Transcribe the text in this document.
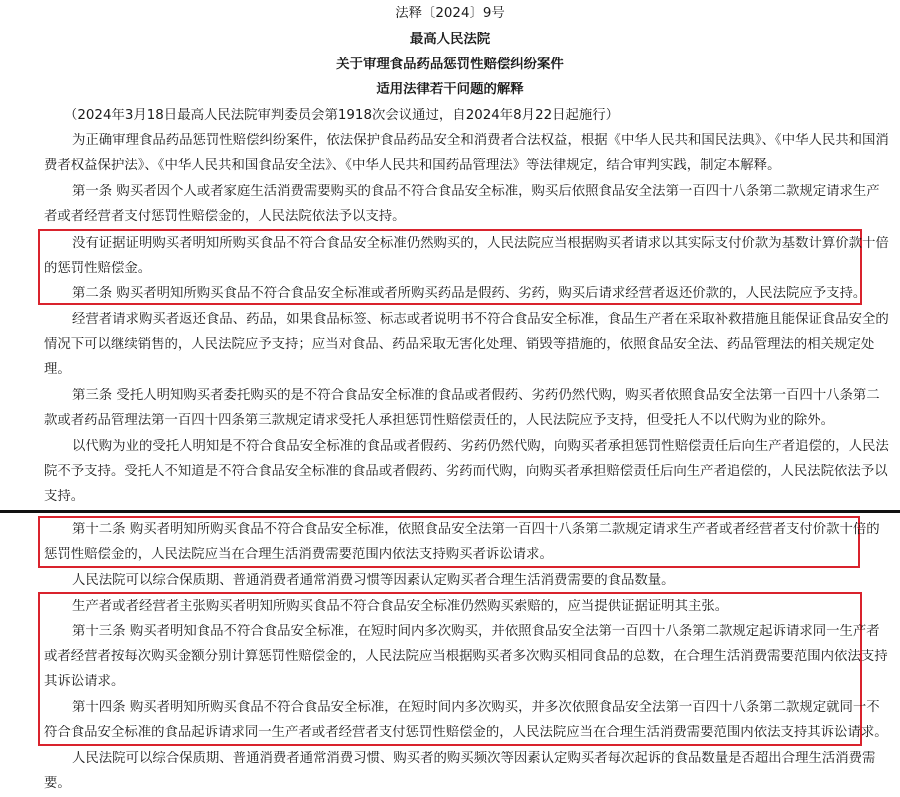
法释〔2024〕9号
最高人民法院
关于审理食品药品惩罚性赔偿纠纷案件
适用法律若干问题的解释
（2024年3月18日最高人民法院审判委员会第1918次会议通过，自2024年8月22日起施行）
为正确审理食品药品惩罚性赔偿纠纷案件，依法保护食品药品安全和消费者合法权益，根据《中华人民共和国民法典》、《中华人民共和国消
费者权益保护法》、《中华人民共和国食品安全法》、《中华人民共和国药品管理法》等法律规定，结合审判实践，制定本解释。
第一条 购买者因个人或者家庭生活消费需要购买的食品不符合食品安全标准，购买后依照食品安全法第一百四十八条第二款规定请求生产
者或者经营者支付惩罚性赔偿金的，人民法院依法予以支持。
没有证据证明购买者明知所购买食品不符合食品安全标准仍然购买的，人民法院应当根据购买者请求以其实际支付价款为基数计算价款十倍
的惩罚性赔偿金。
第二条 购买者明知所购买食品不符合食品安全标准或者所购买药品是假药、劣药，购买后请求经营者返还价款的，人民法院应予支持。
经营者请求购买者返还食品、药品，如果食品标签、标志或者说明书不符合食品安全标准，食品生产者在采取补救措施且能保证食品安全的
情况下可以继续销售的，人民法院应予支持；应当对食品、药品采取无害化处理、销毁等措施的，依照食品安全法、药品管理法的相关规定处
理。
第三条 受托人明知购买者委托购买的是不符合食品安全标准的食品或者假药、劣药仍然代购，购买者依照食品安全法第一百四十八条第二
款或者药品管理法第一百四十四条第三款规定请求受托人承担惩罚性赔偿责任的，人民法院应予支持，但受托人不以代购为业的除外。
以代购为业的受托人明知是不符合食品安全标准的食品或者假药、劣药仍然代购，向购买者承担惩罚性赔偿责任后向生产者追偿的，人民法
院不予支持。受托人不知道是不符合食品安全标准的食品或者假药、劣药而代购，向购买者承担赔偿责任后向生产者追偿的，人民法院依法予以
支持。
第十二条 购买者明知所购买食品不符合食品安全标准，依照食品安全法第一百四十八条第二款规定请求生产者或者经营者支付价款十倍的
惩罚性赔偿金的，人民法院应当在合理生活消费需要范围内依法支持购买者诉讼请求。
人民法院可以综合保质期、普通消费者通常消费习惯等因素认定购买者合理生活消费需要的食品数量。
生产者或者经营者主张购买者明知所购买食品不符合食品安全标准仍然购买索赔的，应当提供证据证明其主张。
第十三条 购买者明知食品不符合食品安全标准，在短时间内多次购买，并依照食品安全法第一百四十八条第二款规定起诉请求同一生产者
或者经营者按每次购买金额分别计算惩罚性赔偿金的，人民法院应当根据购买者多次购买相同食品的总数，在合理生活消费需要范围内依法支持
其诉讼请求。
第十四条 购买者明知所购买食品不符合食品安全标准，在短时间内多次购买，并多次依照食品安全法第一百四十八条第二款规定就同一不
符合食品安全标准的食品起诉请求同一生产者或者经营者支付惩罚性赔偿金的，人民法院应当在合理生活消费需要范围内依法支持其诉讼请求。
人民法院可以综合保质期、普通消费者通常消费习惯、购买者的购买频次等因素认定购买者每次起诉的食品数量是否超出合理生活消费需
要。
